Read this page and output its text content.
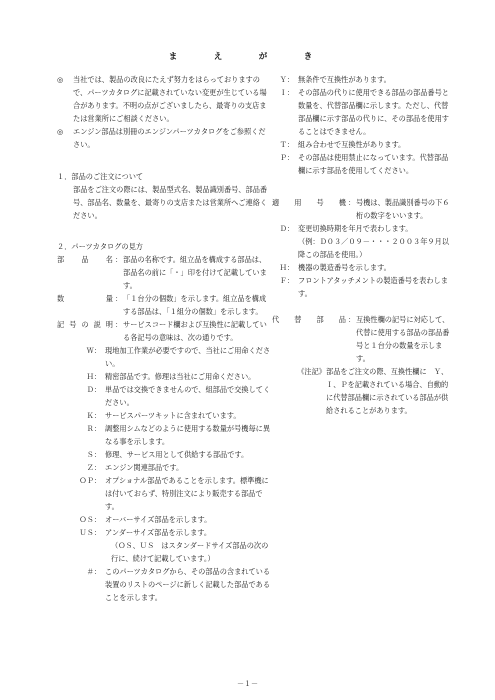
ま　え　が　き
◎	当社では、製品の改良にたえず努力をはらっておりますので、パーツカタログに記載されていない変更が生じている場合があります。不明の点がございましたら、最寄りの支店または営業所にご相談ください。

◎	エンジン部品は別冊のエンジンパーツカタログをご参照ください。

１．部品のご注文について

部品をご注文の際には、製品型式名、製品識別番号、部品番号、部品名、数量を、最寄りの支店または営業所へご連絡ください。

２．パーツカタログの見方
部品名 ： 部品の名称です。組立品を構成する部品は、部品名の前に「・」印を付けて記載しています。

数量 ： 「１台分の個数」を示します。組立品を構成する部品は、「１組分の個数」を示します。

記号の説明 ： サービスコード欄および互換性に記載している各記号の意味は、次の通りです。

Ｗ： 現地加工作業が必要ですので、当社にご用命ください。

Ｈ： 精密部品です。修理は当社にご用命ください。

Ｄ： 単品では交換できませんので、組部品で交換してください。

Ｋ： サービスパーツキットに含まれています。

Ｒ： 調整用シムなどのように使用する数量が号機毎に異なる事を示します。

Ｓ： 修理、サービス用として供給する部品です。

Ｚ： エンジン関連部品です。

ＯＰ： オプショナル部品であることを示します。標準機には付いておらず、特別注文により販売する部品です。

ＯＳ： オーバーサイズ部品を示します。

ＵＳ： アンダーサイズ部品を示します。

（ＯＳ、ＵＳ　はスタンダードサイズ部品の次の行に、続けて記載しています。）

＃： このパーツカタログから、その部品の含まれている装置のリストのページに新しく記載した部品であることを示します。

Ｙ： 無条件で互換性があります。

Ｉ： その部品の代りに使用できる部品の部品番号と数量を、代替部品欄に示します。ただし、代替部品欄に示す部品の代りに、その部品を使用することはできません。

Ｔ： 組み合わせで互換性があります。

Ｐ： その部品は使用禁止になっています。代替部品欄に示す部品を使用してください。

適用号機 ： 号機は、製品識別番号の下６桁の数字をいいます。

Ｄ： 変更切換時期を年月で表わします。

（例：Ｄ０３／０９－・・・２００３年９月以降この部品を使用。）

Ｈ： 機器の製造番号を示します。

Ｆ： フロントアタッチメントの製造番号を表わします。

代替部品 ： 互換性欄の記号に対応して、代替に使用する部品の部品番号と１台分の数量を示します。

《注記》 部品をご注文の際、互換性欄に　Ｙ、Ｉ、Ｐを記載されている場合、自動的に代替部品欄に示されている部品が供給されることがあります。

－１－
